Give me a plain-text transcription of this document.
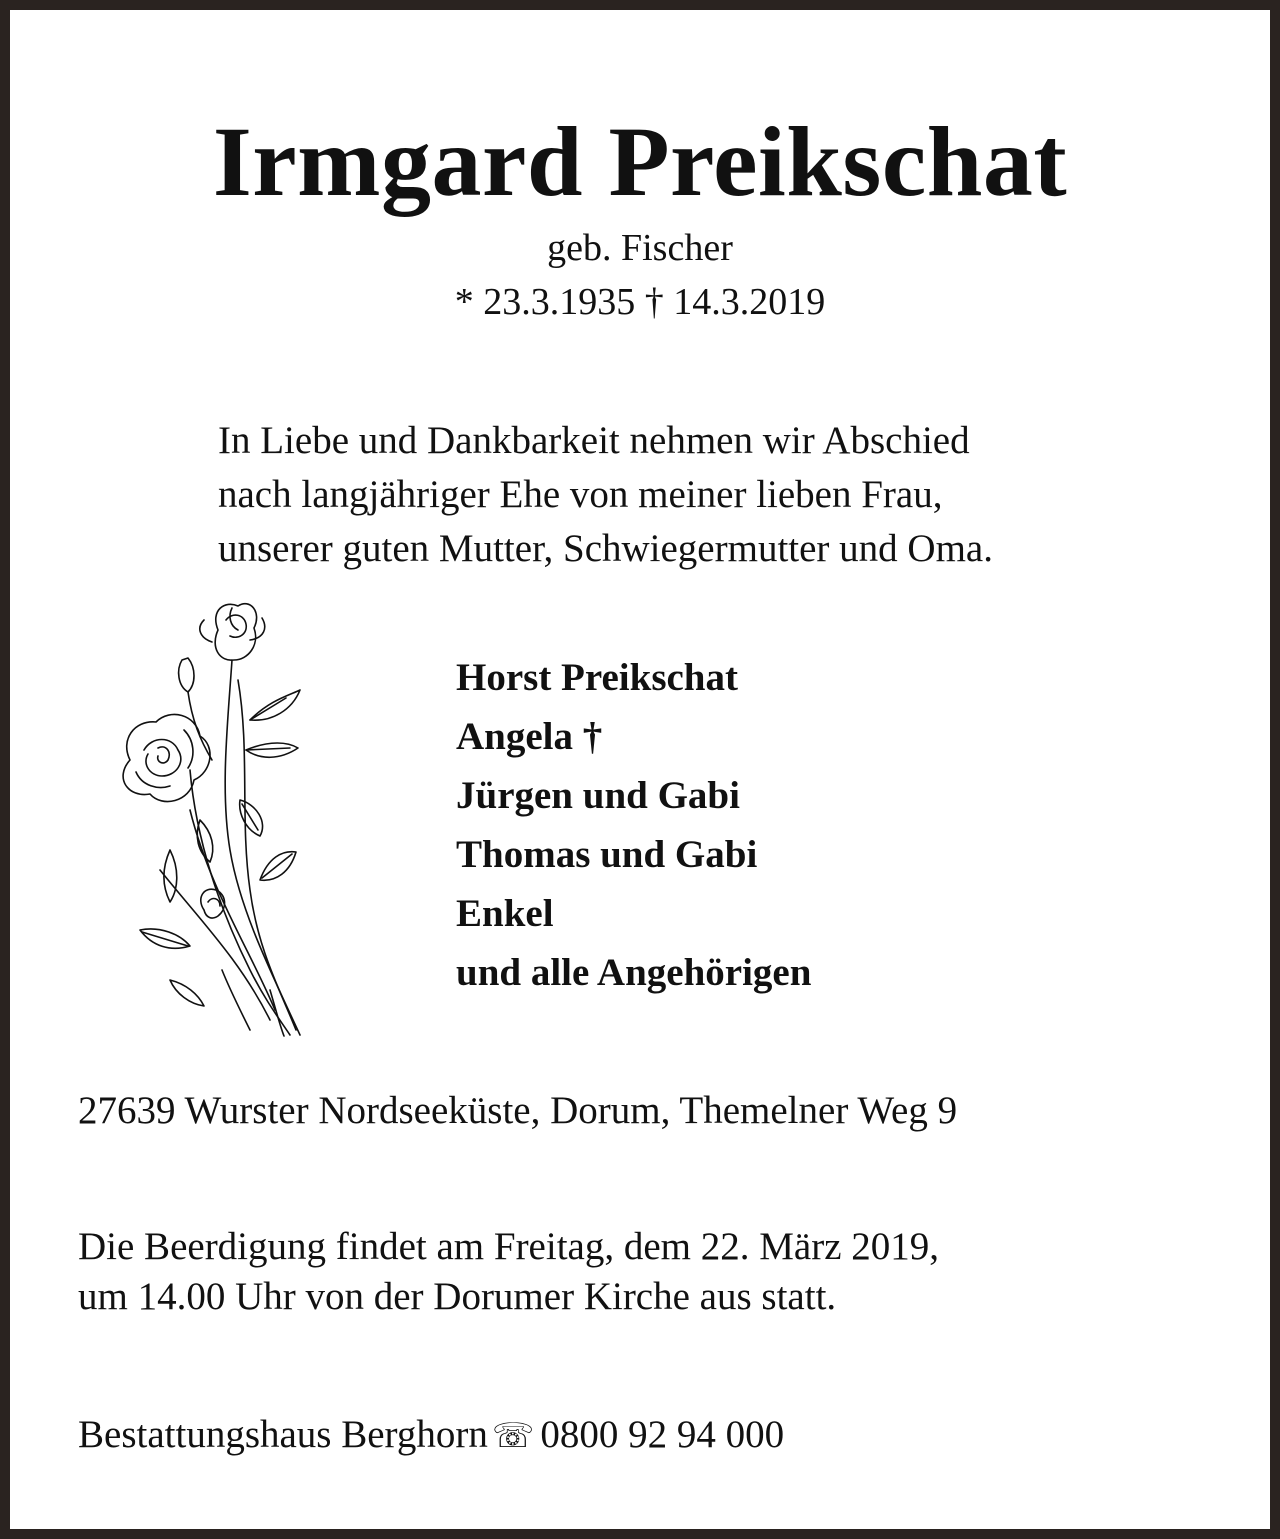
Irmgard Preikschat
geb. Fischer
* 23.3.1935 † 14.3.2019
In Liebe und Dankbarkeit nehmen wir Abschied
nach langjähriger Ehe von meiner lieben Frau,
unserer guten Mutter, Schwiegermutter und Oma.
Horst Preikschat
Angela †
Jürgen und Gabi
Thomas und Gabi
Enkel
und alle Angehörigen
27639 Wurster Nordseeküste, Dorum, Themelner Weg 9
Die Beerdigung findet am Freitag, dem 22. März 2019,
um 14.00 Uhr von der Dorumer Kirche aus statt.
Bestattungshaus Berghorn ☏ 0800 92 94 000
